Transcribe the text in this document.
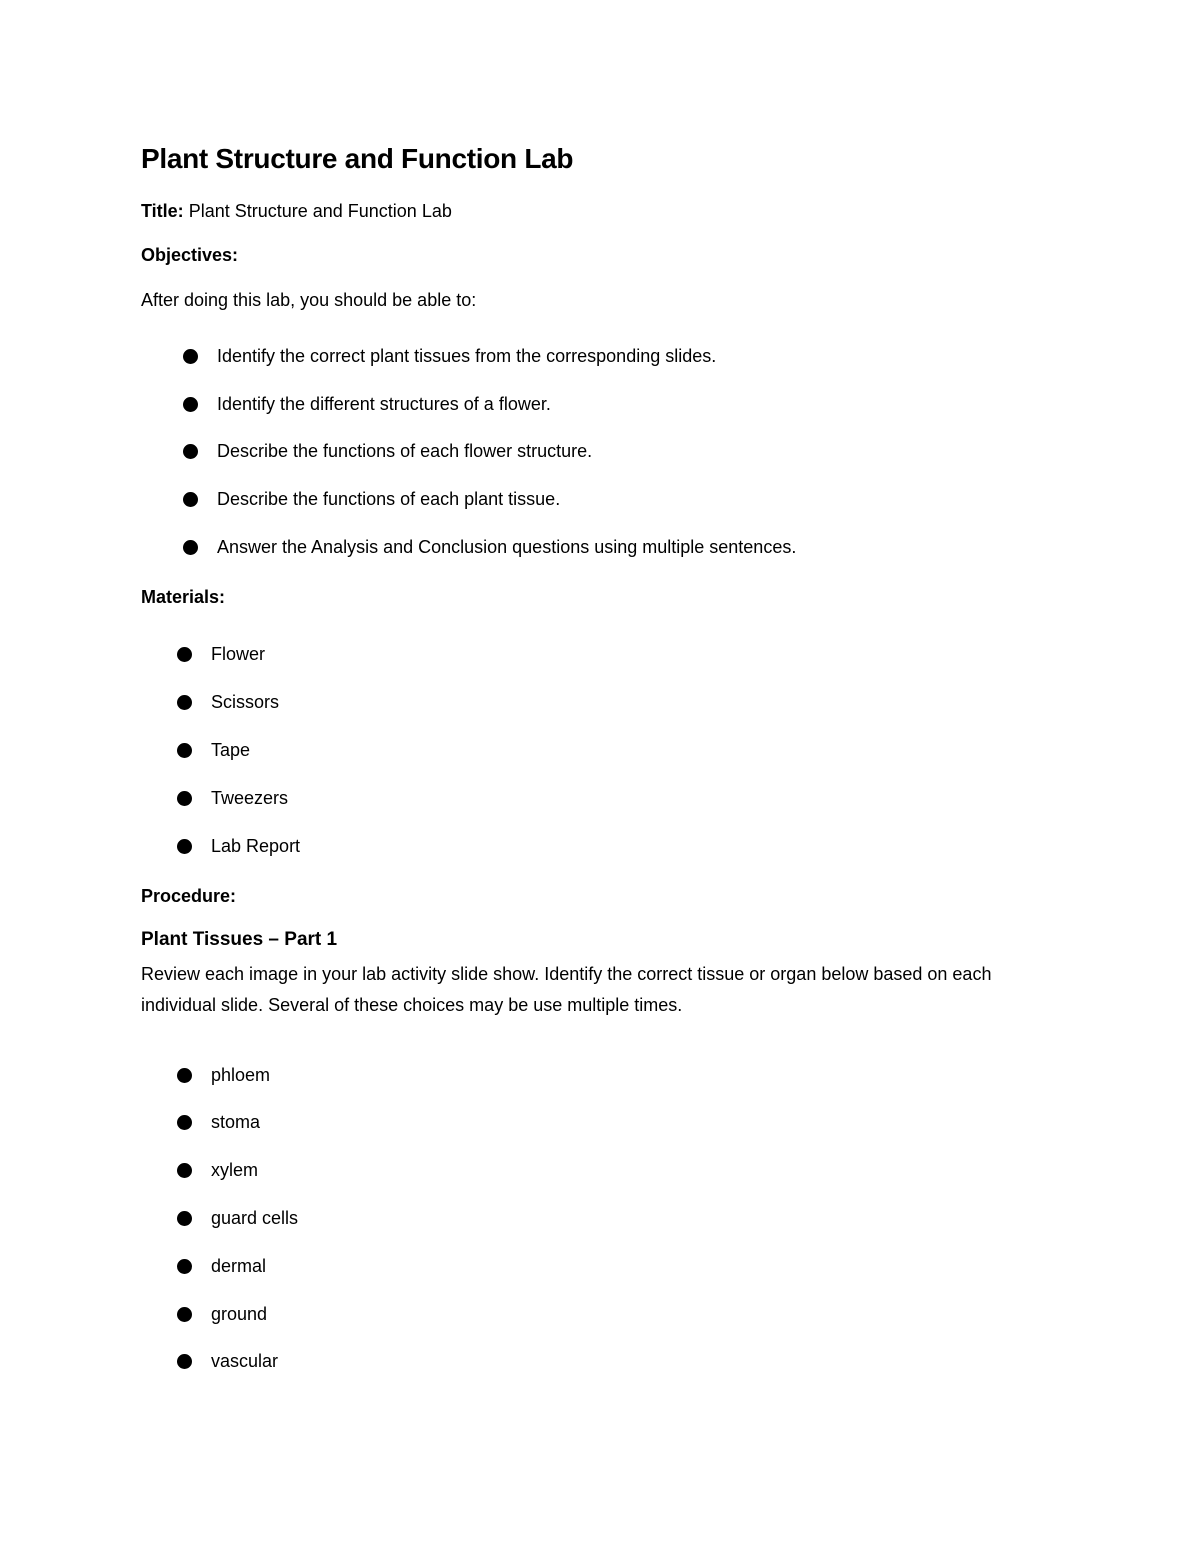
Plant Structure and Function Lab
Title: Plant Structure and Function Lab
Objectives:
After doing this lab, you should be able to:
Identify the correct plant tissues from the corresponding slides.
Identify the different structures of a flower.
Describe the functions of each flower structure.
Describe the functions of each plant tissue.
Answer the Analysis and Conclusion questions using multiple sentences.
Materials:
Flower
Scissors
Tape
Tweezers
Lab Report
Procedure:
Plant Tissues – Part 1
Review each image in your lab activity slide show. Identify the correct tissue or organ below based on each individual slide. Several of these choices may be use multiple times.
phloem
stoma
xylem
guard cells
dermal
ground
vascular
